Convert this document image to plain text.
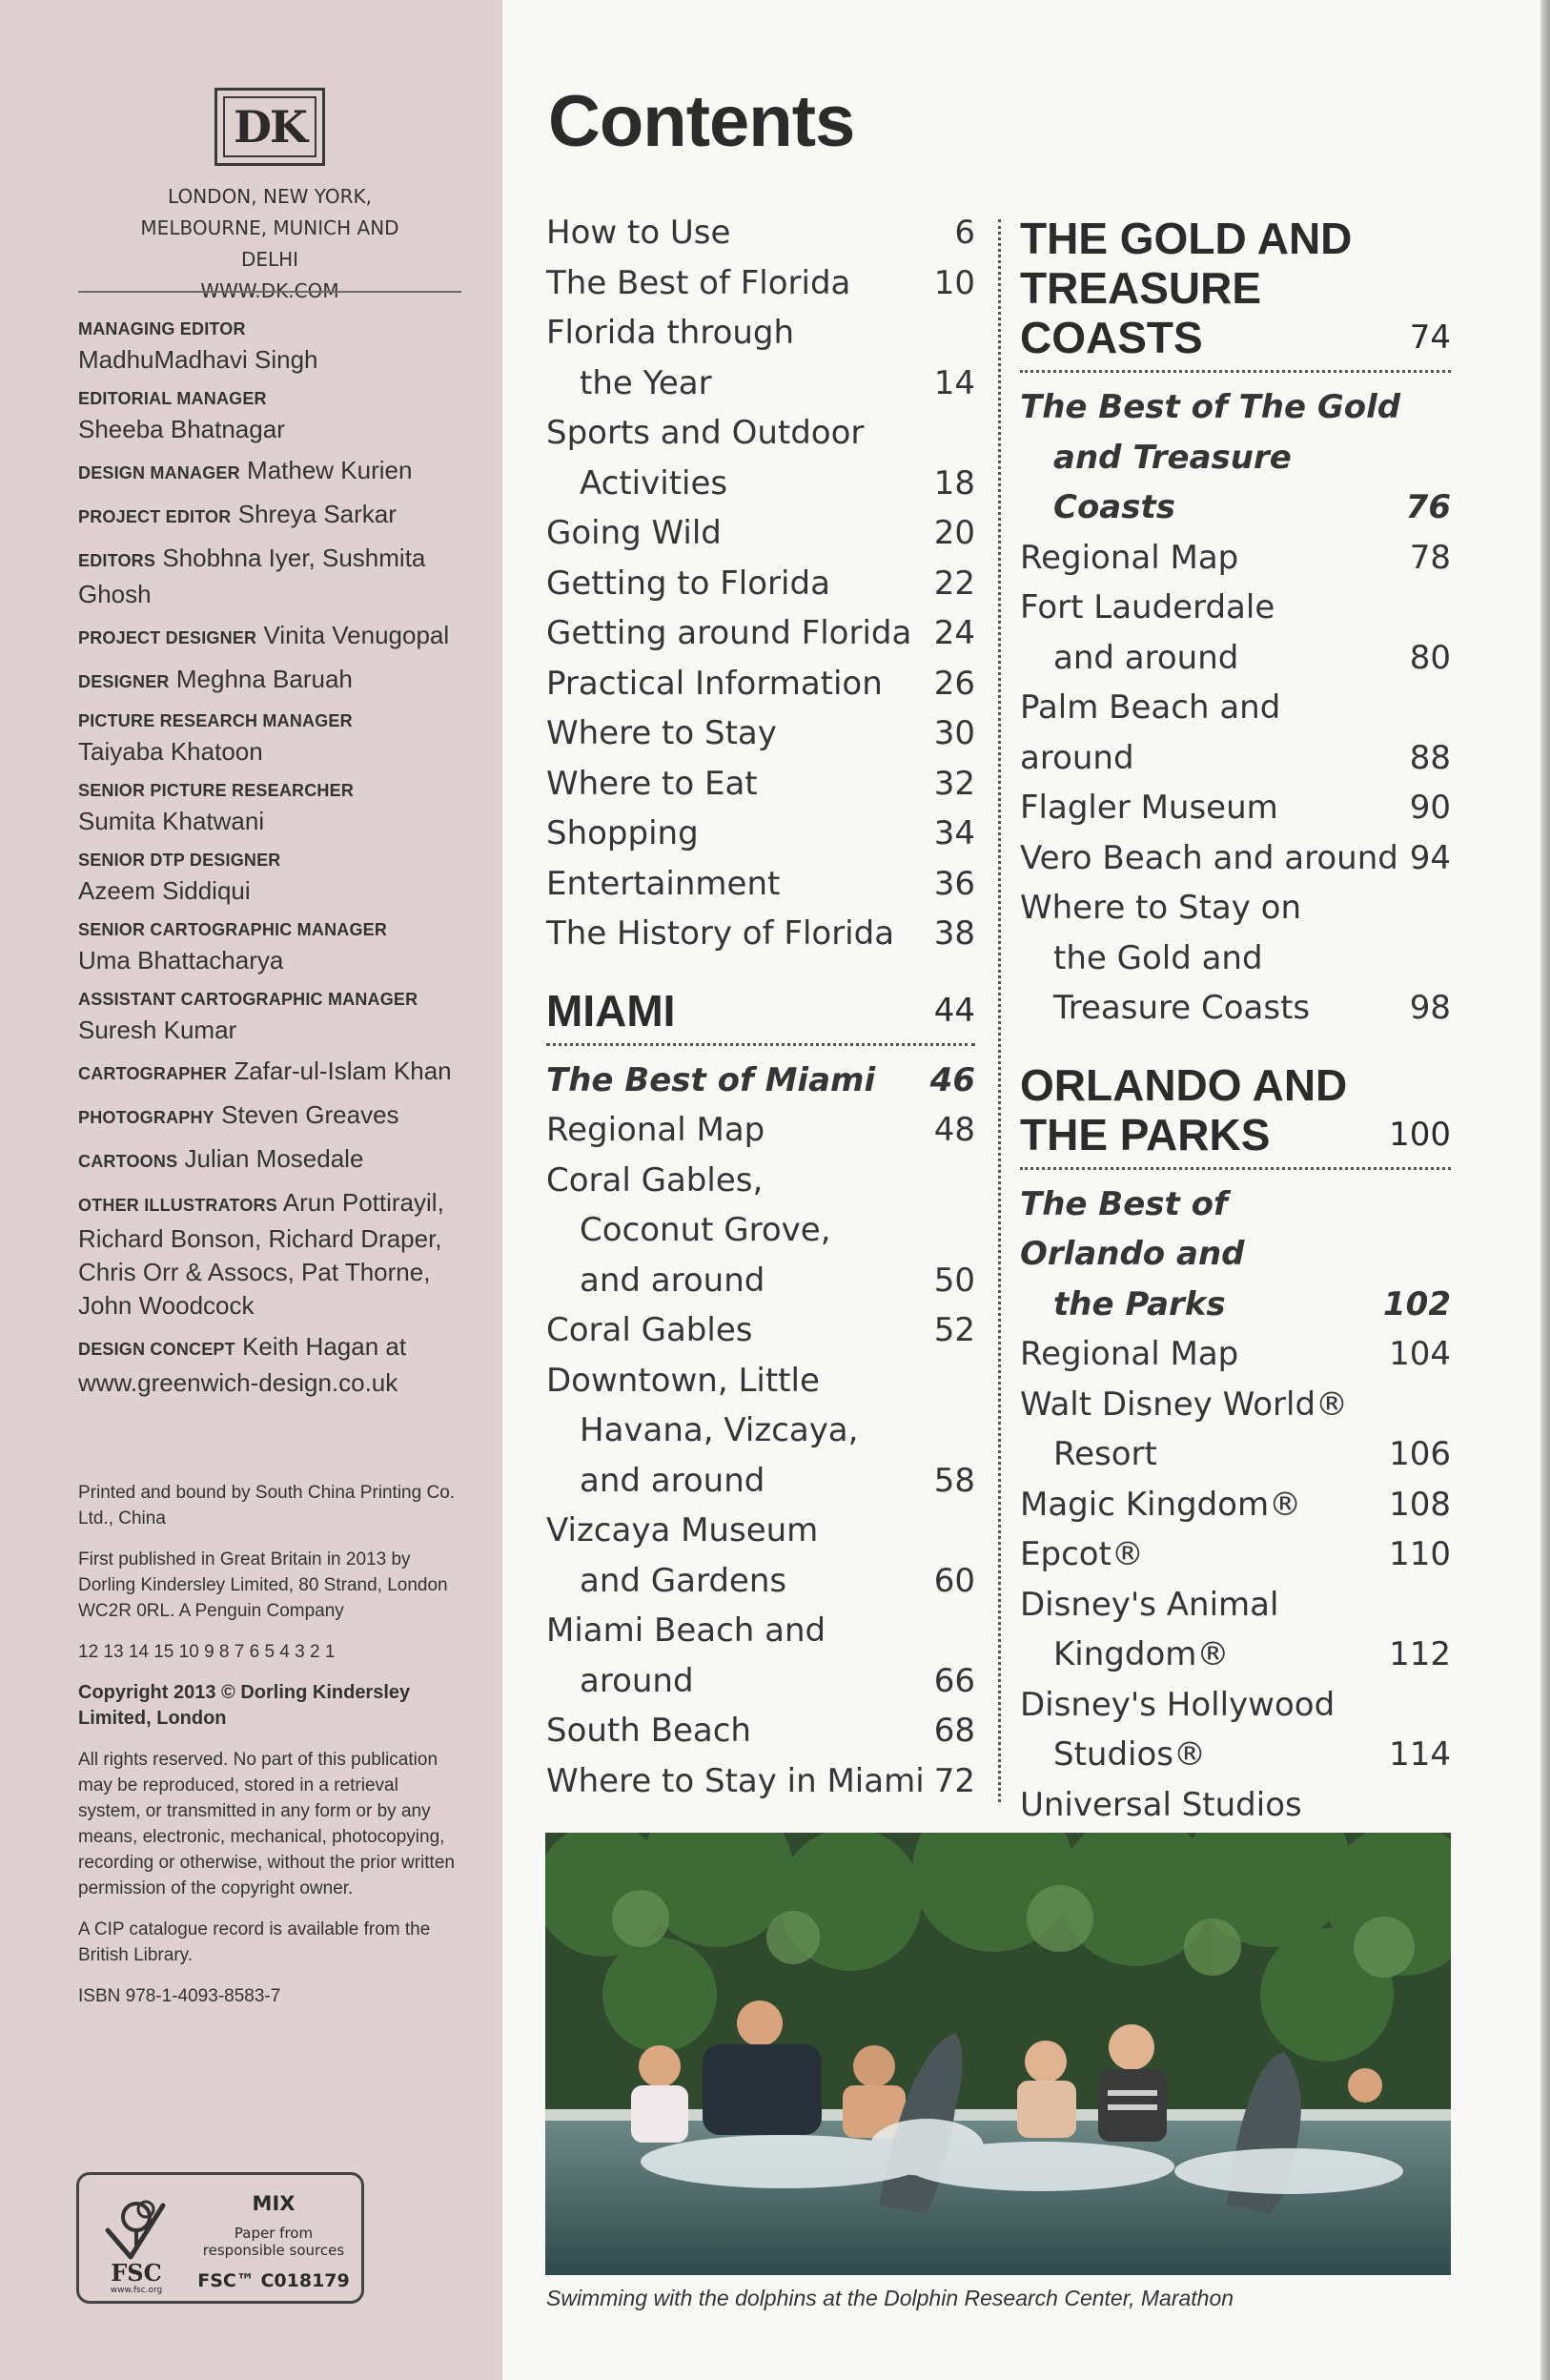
DK
LONDON, NEW YORK, MELBOURNE, MUNICH AND DELHI
WWW.DK.COM
MANAGING EDITOR
MadhuMadhavi Singh
EDITORIAL MANAGER
Sheeba Bhatnagar
DESIGN MANAGER Mathew Kurien
PROJECT EDITOR Shreya Sarkar
EDITORS Shobhna Iyer, Sushmita Ghosh
PROJECT DESIGNER Vinita Venugopal
DESIGNER Meghna Baruah
PICTURE RESEARCH MANAGER
Taiyaba Khatoon
SENIOR PICTURE RESEARCHER
Sumita Khatwani
SENIOR DTP DESIGNER
Azeem Siddiqui
SENIOR CARTOGRAPHIC MANAGER
Uma Bhattacharya
ASSISTANT CARTOGRAPHIC MANAGER
Suresh Kumar
CARTOGRAPHER Zafar-ul-Islam Khan
PHOTOGRAPHY Steven Greaves
CARTOONS Julian Mosedale
OTHER ILLUSTRATORS Arun Pottirayil, Richard Bonson, Richard Draper, Chris Orr & Assocs, Pat Thorne, John Woodcock
DESIGN CONCEPT Keith Hagan at www.greenwich-design.co.uk
Printed and bound by South China Printing Co. Ltd., China
First published in Great Britain in 2013 by Dorling Kindersley Limited, 80 Strand, London WC2R 0RL. A Penguin Company
12 13 14 15 10 9 8 7 6 5 4 3 2 1
Copyright 2013 © Dorling Kindersley Limited, London
All rights reserved. No part of this publication may be reproduced, stored in a retrieval system, or transmitted in any form or by any means, electronic, mechanical, photocopying, recording or otherwise, without the prior written permission of the copyright owner.
A CIP catalogue record is available from the British Library.
ISBN 978-1-4093-8583-7
FSC
www.fsc.org
MIX
Paper from responsible sources
FSC™ C018179
Contents
How to Use	6
The Best of Florida	10
Florida through
the Year	14
Sports and Outdoor
Activities	18
Going Wild	20
Getting to Florida	22
Getting around Florida 24
Practical Information	26
Where to Stay	30
Where to Eat	32
Shopping	34
Entertainment	36
The History of Florida	38
MIAMI	44
The Best of Miami	46
Regional Map	48
Coral Gables,
Coconut Grove,
and around	50
Coral Gables	52
Downtown, Little
Havana, Vizcaya,
and around	58
Vizcaya Museum
and Gardens	60
Miami Beach and
around	66
South Beach	68
Where to Stay in Miami 72
THE GOLD AND
TREASURE
COASTS	74
The Best of The Gold
and Treasure Coasts	76
Regional Map	78
Fort Lauderdale
and around	80
Palm Beach and around	88
Flagler Museum	90
Vero Beach and around 94
Where to Stay on
the Gold and
Treasure Coasts	98
ORLANDO AND
THE PARKS	100
The Best of Orlando and
the Parks	102
Regional Map	104
Walt Disney World®
Resort	106
Magic Kingdom®	108
Epcot®	110
Disney's Animal
Kingdom®	112
Disney's Hollywood
Studios®	114
Universal Studios
Swimming with the dolphins at the Dolphin Research Center, Marathon
